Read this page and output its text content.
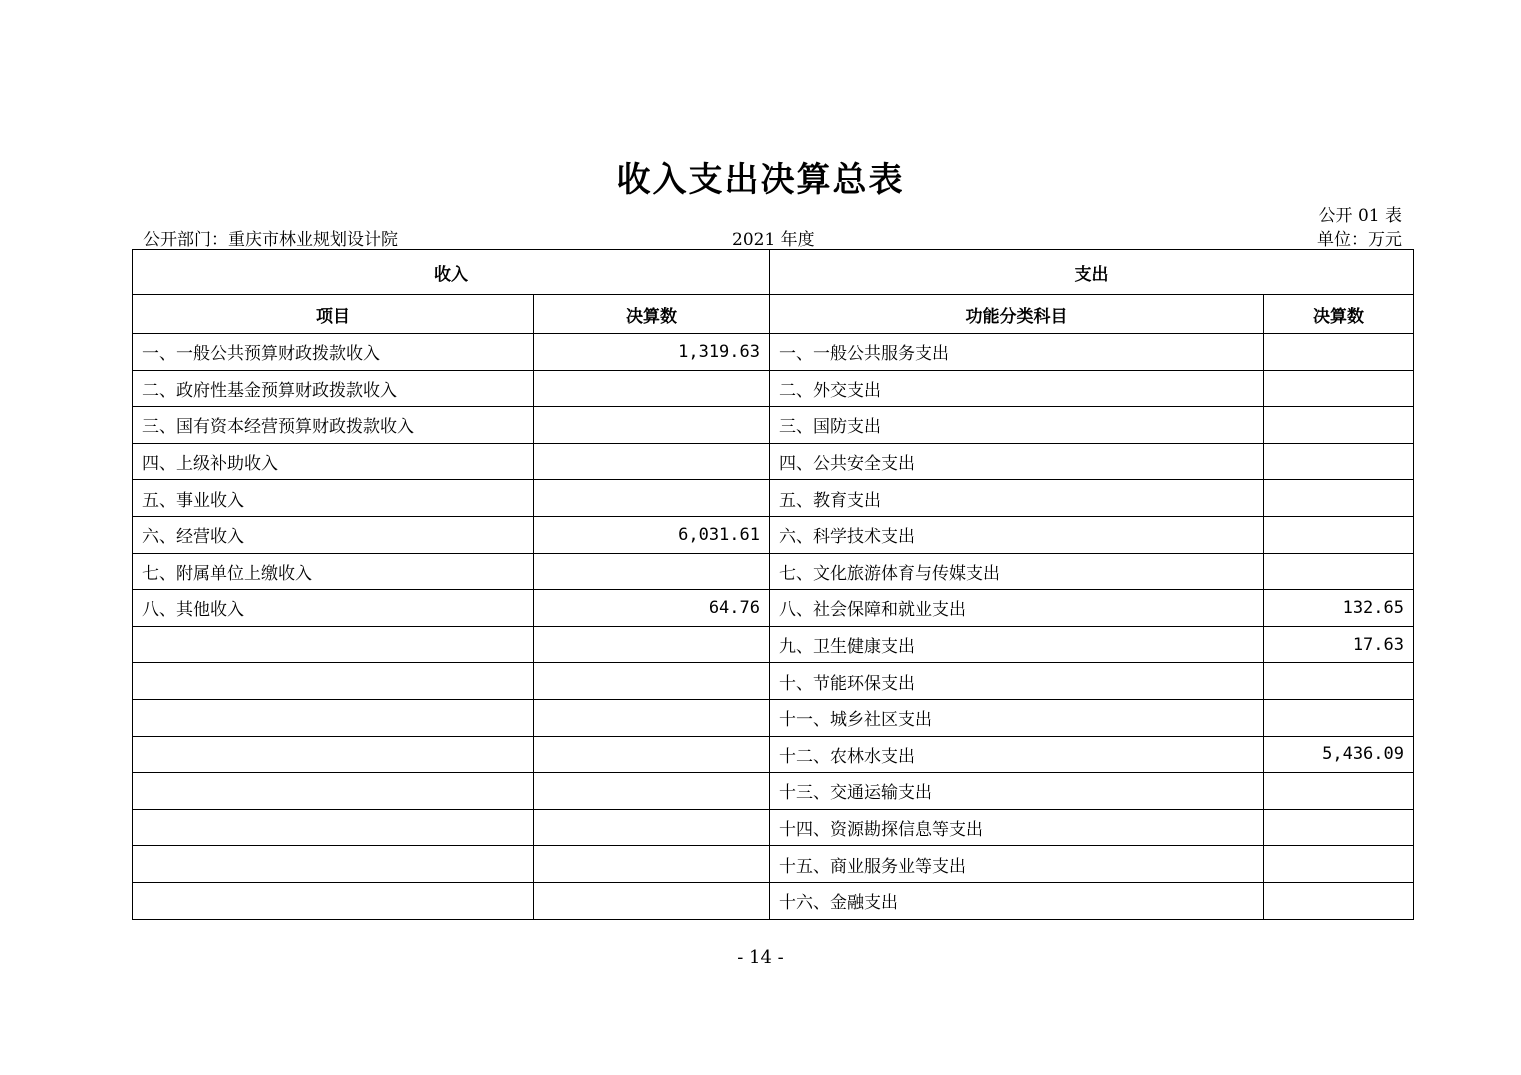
收入支出决算总表
公开部门：重庆市林业规划设计院	2021 年度
公开 01 表
单位：万元
收入		支出	
项目	决算数	功能分类科目	决算数
一、一般公共预算财政拨款收入	1,319.63	一、一般公共服务支出	
二、政府性基金预算财政拨款收入		二、外交支出	
三、国有资本经营预算财政拨款收入		三、国防支出	
四、上级补助收入		四、公共安全支出	
五、事业收入		五、教育支出	
六、经营收入	6,031.61	六、科学技术支出	
七、附属单位上缴收入		七、文化旅游体育与传媒支出	
八、其他收入	64.76	八、社会保障和就业支出	132.65
		九、卫生健康支出	17.63
		十、节能环保支出	
		十一、城乡社区支出	
		十二、农林水支出	5,436.09
		十三、交通运输支出	
		十四、资源勘探信息等支出	
		十五、商业服务业等支出	
		十六、金融支出	
- 14 -
